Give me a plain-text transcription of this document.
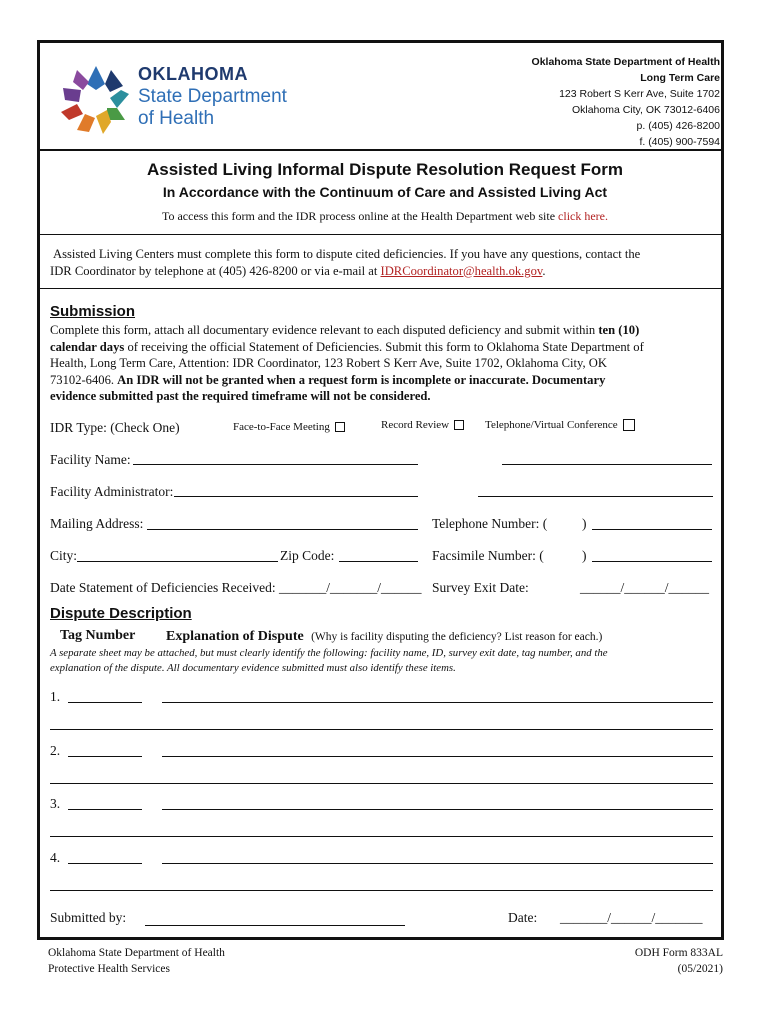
OKLAHOMA
State Department
of Health
Oklahoma State Department of Health
Long Term Care
123 Robert S Kerr Ave, Suite 1702
Oklahoma City, OK 73012-6406
p. (405) 426-8200
f. (405) 900-7594
Assisted Living Informal Dispute Resolution Request Form
In Accordance with the Continuum of Care and Assisted Living Act
To access this form and the IDR process online at the Health Department web site click here.
Assisted Living Centers must complete this form to dispute cited deficiencies. If you have any questions, contact the
IDR Coordinator by telephone at (405) 426-8200 or via e-mail at IDRCoordinator@health.ok.gov.
Submission
Complete this form, attach all documentary evidence relevant to each disputed deficiency and submit within ten (10)
calendar days of receiving the official Statement of Deficiencies. Submit this form to Oklahoma State Department of
Health, Long Term Care, Attention: IDR Coordinator, 123 Robert S Kerr Ave, Suite 1702, Oklahoma City, OK
73102-6406. An IDR will not be granted when a request form is incomplete or inaccurate. Documentary
evidence submitted past the required timeframe will not be considered.
IDR Type: (Check One)	Face-to-Face Meeting	Record Review	Telephone/Virtual Conference
Facility Name:
Facility Administrator:
Mailing Address:	Telephone Number: (	)
City:	Zip Code:	Facsimile Number: (	)
Date Statement of Deficiencies Received: _______/_______/______ Survey Exit Date:	______/______/______
Dispute Description
Tag Number Explanation of Dispute (Why is facility disputing the deficiency? List reason for each.)
A separate sheet may be attached, but must clearly identify the following: facility name, ID, survey exit date, tag number, and the
explanation of the dispute. All documentary evidence submitted must also identify these items.
1.
2.
3.
4.
Submitted by:	Date: _______/______/_______
Oklahoma State Department of Health
Protective Health Services
ODH Form 833AL
(05/2021)
